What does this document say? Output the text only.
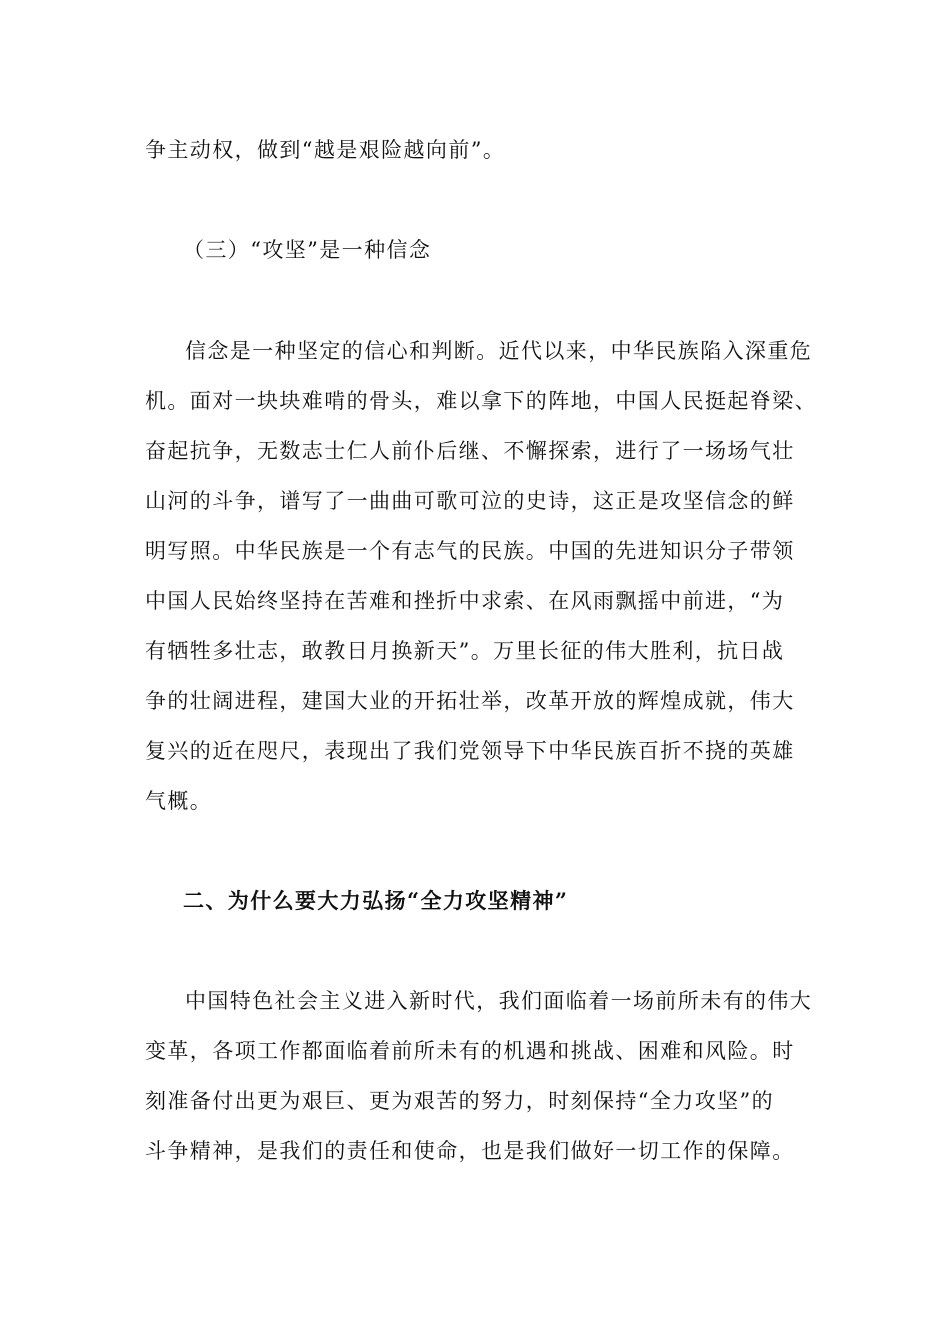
争主动权，做到“越是艰险越向前”。
（三）“攻坚”是一种信念
信念是一种坚定的信心和判断。近代以来，中华民族陷入深重危
机。面对一块块难啃的骨头，难以拿下的阵地，中国人民挺起脊梁、
奋起抗争，无数志士仁人前仆后继、不懈探索，进行了一场场气壮
山河的斗争，谱写了一曲曲可歌可泣的史诗，这正是攻坚信念的鲜
明写照。中华民族是一个有志气的民族。中国的先进知识分子带领
中国人民始终坚持在苦难和挫折中求索、在风雨飘摇中前进，“为
有牺牲多壮志，敢教日月换新天”。万里长征的伟大胜利，抗日战
争的壮阔进程，建国大业的开拓壮举，改革开放的辉煌成就，伟大
复兴的近在咫尺，表现出了我们党领导下中华民族百折不挠的英雄
气概。
二、为什么要大力弘扬“全力攻坚精神”
中国特色社会主义进入新时代，我们面临着一场前所未有的伟大
变革，各项工作都面临着前所未有的机遇和挑战、困难和风险。时
刻准备付出更为艰巨、更为艰苦的努力，时刻保持“全力攻坚”的
斗争精神，是我们的责任和使命，也是我们做好一切工作的保障。
